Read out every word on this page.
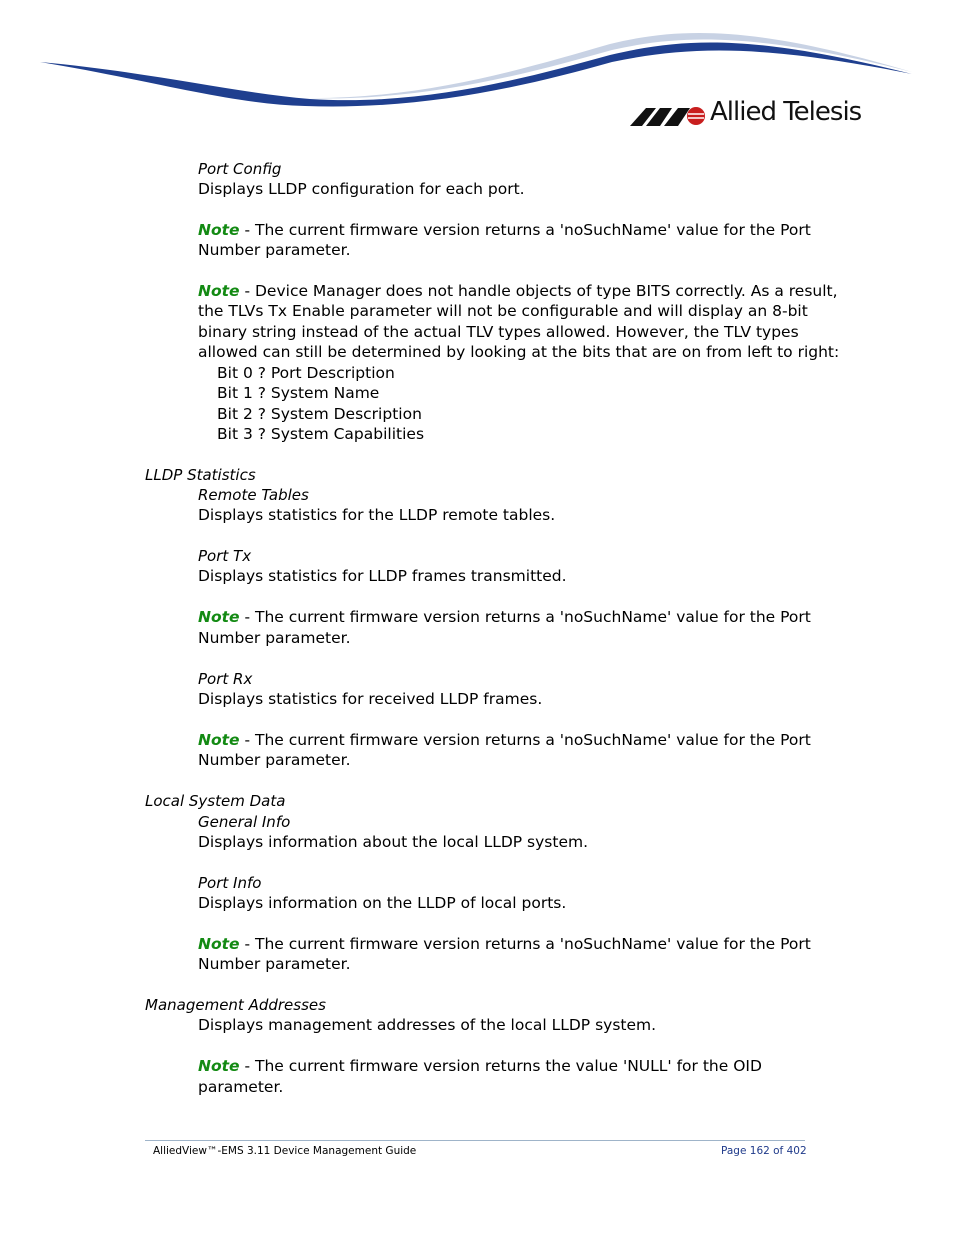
Allied Telesis
Port Config
Displays LLDP configuration for each port.
Note - The current firmware version returns a 'noSuchName' value for the Port
Number parameter.
Note - Device Manager does not handle objects of type BITS correctly. As a result,
the TLVs Tx Enable parameter will not be configurable and will display an 8-bit
binary string instead of the actual TLV types allowed. However, the TLV types
allowed can still be determined by looking at the bits that are on from left to right:
Bit 0 ? Port Description
Bit 1 ? System Name
Bit 2 ? System Description
Bit 3 ? System Capabilities
LLDP Statistics
Remote Tables
Displays statistics for the LLDP remote tables.
Port Tx
Displays statistics for LLDP frames transmitted.
Note - The current firmware version returns a 'noSuchName' value for the Port
Number parameter.
Port Rx
Displays statistics for received LLDP frames.
Note - The current firmware version returns a 'noSuchName' value for the Port
Number parameter.
Local System Data
General Info
Displays information about the local LLDP system.
Port Info
Displays information on the LLDP of local ports.
Note - The current firmware version returns a 'noSuchName' value for the Port
Number parameter.
Management Addresses
Displays management addresses of the local LLDP system.
Note - The current firmware version returns the value 'NULL' for the OID
parameter.
AlliedView™-EMS 3.11 Device Management Guide	Page 162 of 402
